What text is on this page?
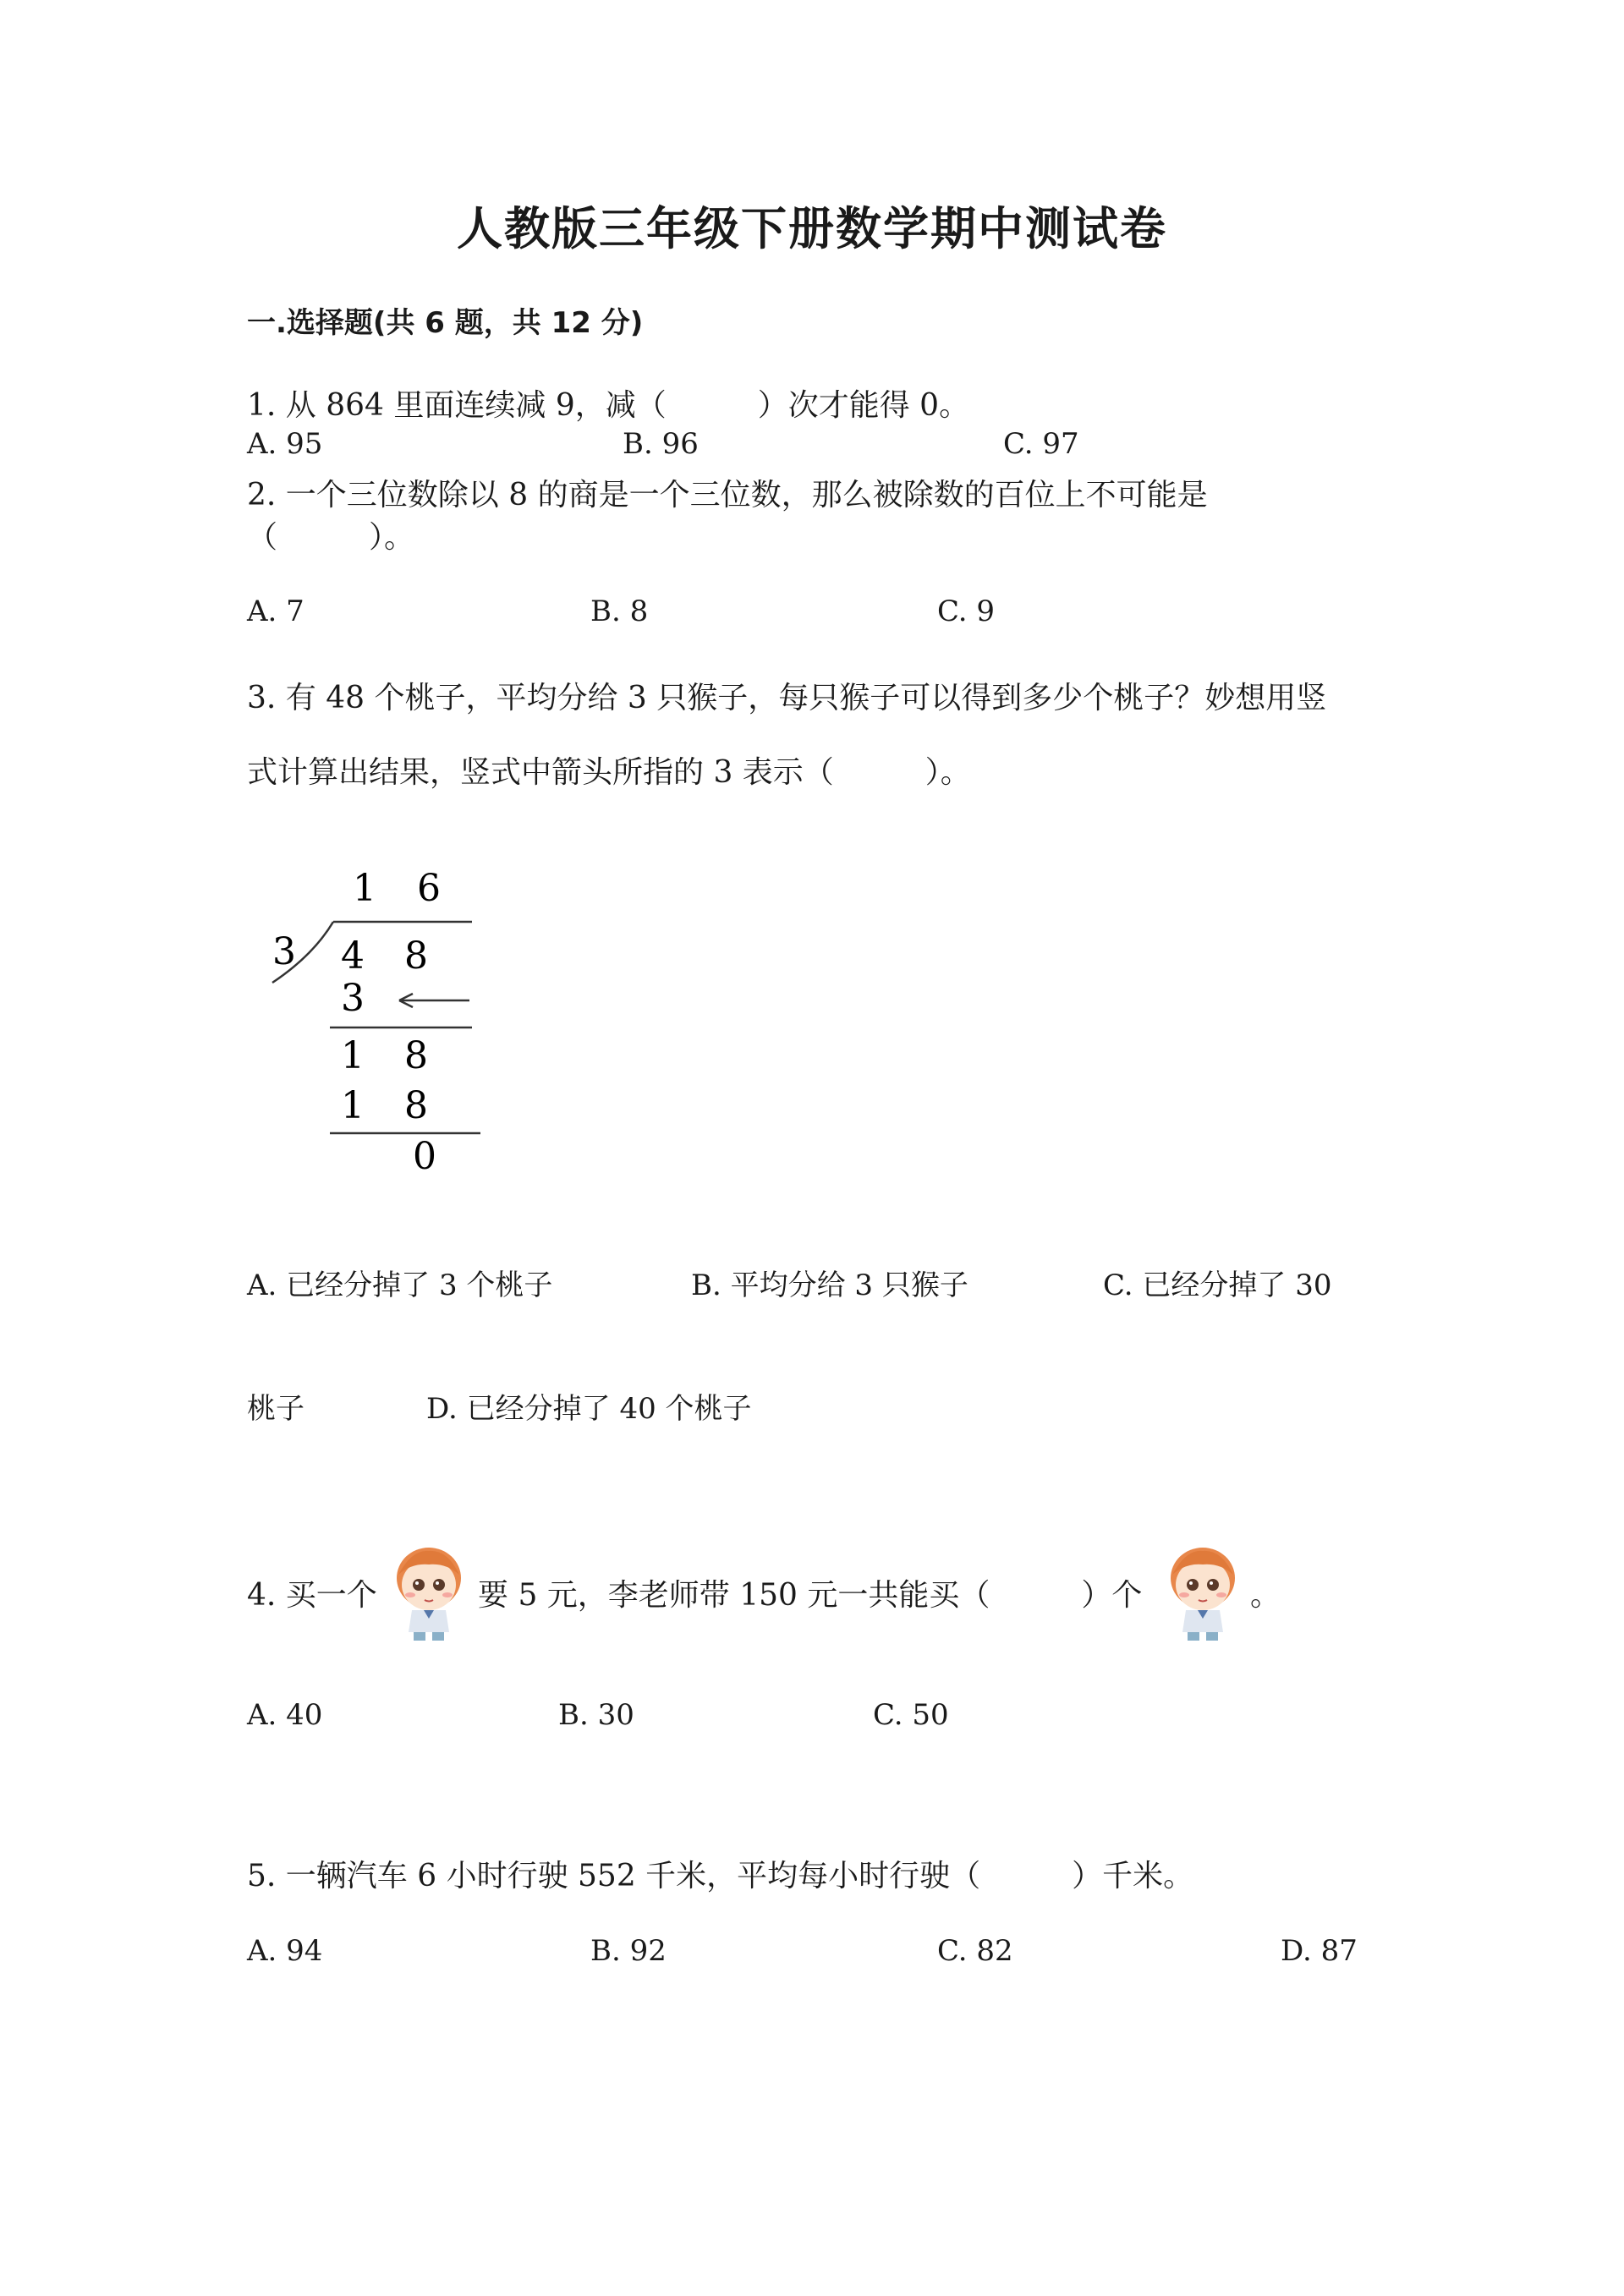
人教版三年级下册数学期中测试卷
一.选择题(共 6 题，共 12 分)
1. 从 864 里面连续减 9，减（　　　）次才能得 0。
A. 95	B. 96	C. 97
2. 一个三位数除以 8 的商是一个三位数，那么被除数的百位上不可能是
（　　　）。
A. 7	B. 8	C. 9
3. 有 48 个桃子，平均分给 3 只猴子，每只猴子可以得到多少个桃子？妙想用竖
式计算出结果，竖式中箭头所指的 3 表示（　　　）。
1 6
3 4 8
3
1 8
1 8
0
A. 已经分掉了 3 个桃子	B. 平均分给 3 只猴子	C. 已经分掉了 30
桃子	D. 已经分掉了 40 个桃子
4. 买一个	要 5 元，李老师带 150 元一共能买（　　　）个	。
A. 40	B. 30	C. 50
5. 一辆汽车 6 小时行驶 552 千米，平均每小时行驶（　　　）千米。
A. 94	B. 92	C. 82	D. 87
